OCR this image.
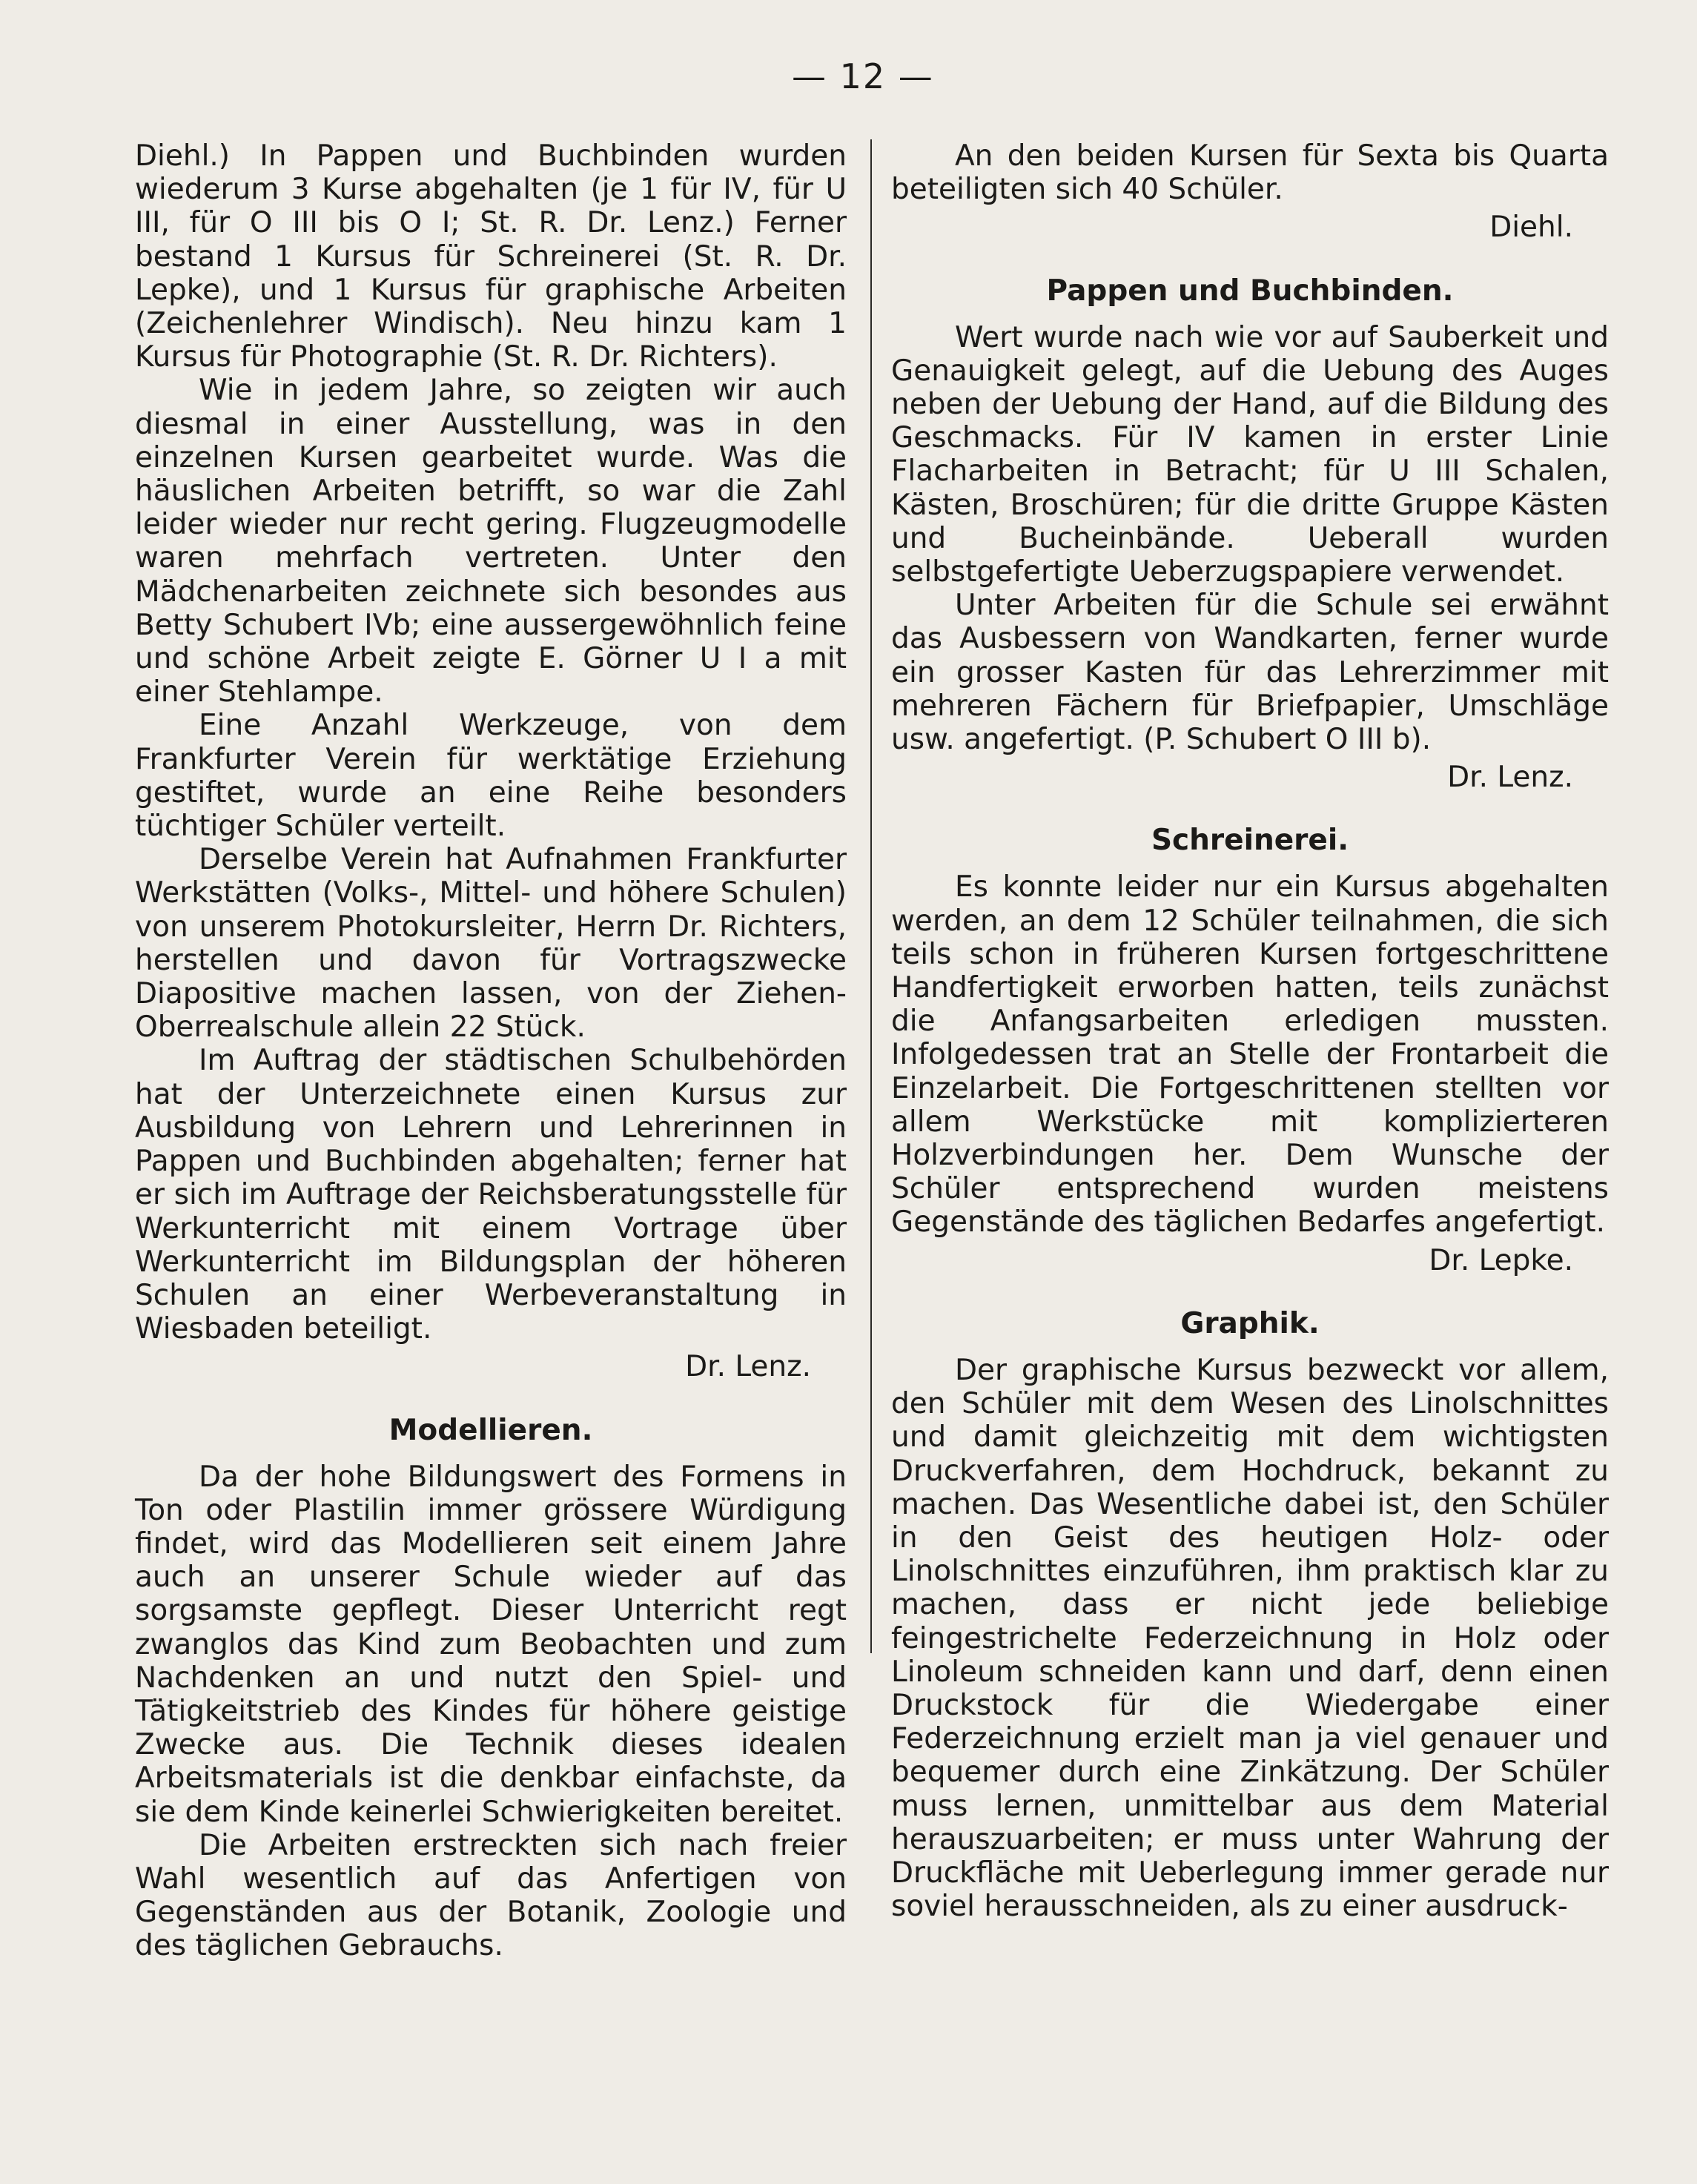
— 12 —

Diehl.) In Pappen und Buchbinden wurden wiederum 3 Kurse abgehalten (je 1 für IV, für U III, für O III bis O I; St. R. Dr. Lenz.) Ferner bestand 1 Kursus für Schreinerei (St. R. Dr. Lepke), und 1 Kursus für graphische Arbeiten (Zeichenlehrer Windisch). Neu hinzu kam 1 Kursus für Photographie (St. R. Dr. Richters).

Wie in jedem Jahre, so zeigten wir auch diesmal in einer Ausstellung, was in den einzelnen Kursen gearbeitet wurde. Was die häuslichen Arbeiten betrifft, so war die Zahl leider wieder nur recht gering. Flugzeugmodelle waren mehrfach vertreten. Unter den Mädchenarbeiten zeichnete sich besondes aus Betty Schubert IVb; eine aussergewöhnlich feine und schöne Arbeit zeigte E. Görner U I a mit einer Stehlampe.

Eine Anzahl Werkzeuge, von dem Frankfurter Verein für werktätige Erziehung gestiftet, wurde an eine Reihe besonders tüchtiger Schüler verteilt.

Derselbe Verein hat Aufnahmen Frankfurter Werkstätten (Volks-, Mittel- und höhere Schulen) von unserem Photokursleiter, Herrn Dr. Richters, herstellen und davon für Vortragszwecke Diapositive machen lassen, von der Ziehen-Oberrealschule allein 22 Stück.

Im Auftrag der städtischen Schulbehörden hat der Unterzeichnete einen Kursus zur Ausbildung von Lehrern und Lehrerinnen in Pappen und Buchbinden abgehalten; ferner hat er sich im Auftrage der Reichsberatungsstelle für Werkunterricht mit einem Vortrage über Werkunterricht im Bildungsplan der höheren Schulen an einer Werbeveranstaltung in Wiesbaden beteiligt.

Dr. Lenz.

Modellieren.

Da der hohe Bildungswert des Formens in Ton oder Plastilin immer grössere Würdigung findet, wird das Modellieren seit einem Jahre auch an unserer Schule wieder auf das sorgsamste gepflegt. Dieser Unterricht regt zwanglos das Kind zum Beobachten und zum Nachdenken an und nutzt den Spiel- und Tätigkeitstrieb des Kindes für höhere geistige Zwecke aus. Die Technik dieses idealen Arbeitsmaterials ist die denkbar einfachste, da sie dem Kinde keinerlei Schwierigkeiten bereitet.

Die Arbeiten erstreckten sich nach freier Wahl wesentlich auf das Anfertigen von Gegenständen aus der Botanik, Zoologie und des täglichen Gebrauchs.

An den beiden Kursen für Sexta bis Quarta beteiligten sich 40 Schüler.

Diehl.

Pappen und Buchbinden.

Wert wurde nach wie vor auf Sauberkeit und Genauigkeit gelegt, auf die Uebung des Auges neben der Uebung der Hand, auf die Bildung des Geschmacks. Für IV kamen in erster Linie Flacharbeiten in Betracht; für U III Schalen, Kästen, Broschüren; für die dritte Gruppe Kästen und Bucheinbände. Ueberall wurden selbstgefertigte Ueberzugspapiere verwendet.

Unter Arbeiten für die Schule sei erwähnt das Ausbessern von Wandkarten, ferner wurde ein grosser Kasten für das Lehrerzimmer mit mehreren Fächern für Briefpapier, Umschläge usw. angefertigt. (P. Schubert O III b).

Dr. Lenz.

Schreinerei.

Es konnte leider nur ein Kursus abgehalten werden, an dem 12 Schüler teilnahmen, die sich teils schon in früheren Kursen fortgeschrittene Handfertigkeit erworben hatten, teils zunächst die Anfangsarbeiten erledigen mussten. Infolgedessen trat an Stelle der Frontarbeit die Einzelarbeit. Die Fortgeschrittenen stellten vor allem Werkstücke mit komplizierteren Holzverbindungen her. Dem Wunsche der Schüler entsprechend wurden meistens Gegenstände des täglichen Bedarfes angefertigt.

Dr. Lepke.

Graphik.

Der graphische Kursus bezweckt vor allem, den Schüler mit dem Wesen des Linolschnittes und damit gleichzeitig mit dem wichtigsten Druckverfahren, dem Hochdruck, bekannt zu machen. Das Wesentliche dabei ist, den Schüler in den Geist des heutigen Holz- oder Linolschnittes einzuführen, ihm praktisch klar zu machen, dass er nicht jede beliebige feingestrichelte Federzeichnung in Holz oder Linoleum schneiden kann und darf, denn einen Druckstock für die Wiedergabe einer Federzeichnung erzielt man ja viel genauer und bequemer durch eine Zinkätzung. Der Schüler muss lernen, unmittelbar aus dem Material herauszuarbeiten; er muss unter Wahrung der Druckfläche mit Ueberlegung immer gerade nur soviel herausschneiden, als zu einer ausdruck-
